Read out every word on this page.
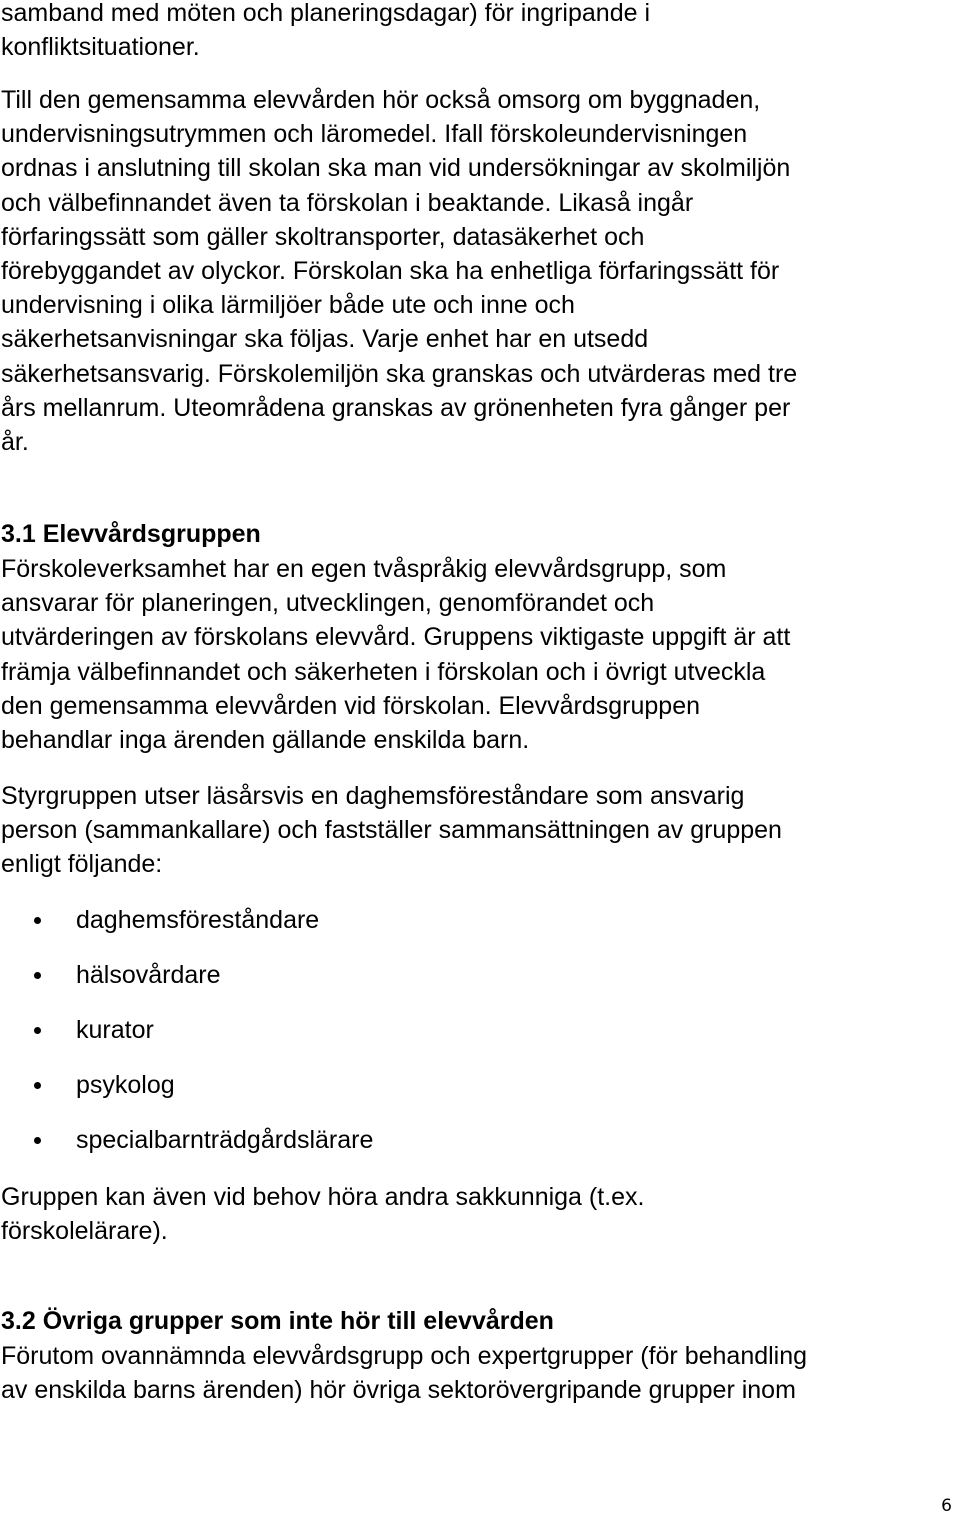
samband med möten och planeringsdagar) för ingripande i
konfliktsituationer.

Till den gemensamma elevvården hör också omsorg om byggnaden,
undervisningsutrymmen och läromedel. Ifall förskoleundervisningen
ordnas i anslutning till skolan ska man vid undersökningar av skolmiljön
och välbefinnandet även ta förskolan i beaktande. Likaså ingår
förfaringssätt som gäller skoltransporter, datasäkerhet och
förebyggandet av olyckor. Förskolan ska ha enhetliga förfaringssätt för
undervisning i olika lärmiljöer både ute och inne och
säkerhetsanvisningar ska följas. Varje enhet har en utsedd
säkerhetsansvarig. Förskolemiljön ska granskas och utvärderas med tre
års mellanrum. Uteområdena granskas av grönenheten fyra gånger per
år.

3.1 Elevvårdsgruppen

Förskoleverksamhet har en egen tvåspråkig elevvårdsgrupp, som
ansvarar för planeringen, utvecklingen, genomförandet och
utvärderingen av förskolans elevvård. Gruppens viktigaste uppgift är att
främja välbefinnandet och säkerheten i förskolan och i övrigt utveckla
den gemensamma elevvården vid förskolan. Elevvårdsgruppen
behandlar inga ärenden gällande enskilda barn.

Styrgruppen utser läsårsvis en daghemsföreståndare som ansvarig
person (sammankallare) och fastställer sammansättningen av gruppen
enligt följande:

daghemsföreståndare
hälsovårdare
kurator
psykolog
specialbarnträdgårdslärare

Gruppen kan även vid behov höra andra sakkunniga (t.ex.
förskolelärare).

3.2 Övriga grupper som inte hör till elevvården

Förutom ovannämnda elevvårdsgrupp och expertgrupper (för behandling
av enskilda barns ärenden) hör övriga sektorövergripande grupper inom

6
